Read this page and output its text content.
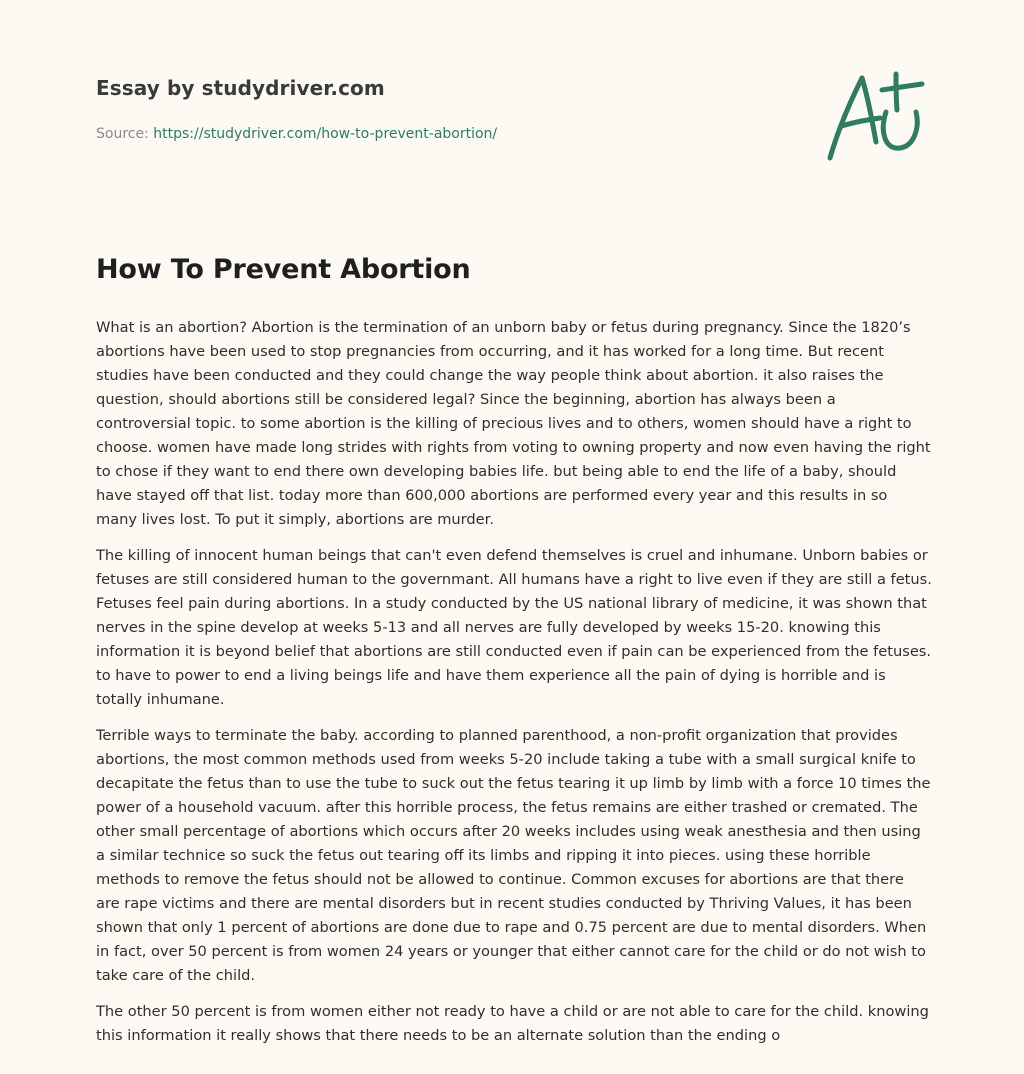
Essay by studydriver.com
Source: https://studydriver.com/how-to-prevent-abortion/
How To Prevent Abortion

What is an abortion? Abortion is the termination of an unborn baby or fetus during pregnancy. Since the 1820’s abortions have been used to stop pregnancies from occurring, and it has worked for a long time. But recent studies have been conducted and they could change the way people think about abortion. it also raises the question, should abortions still be considered legal? Since the beginning, abortion has always been a controversial topic. to some abortion is the killing of precious lives and to others, women should have a right to choose. women have made long strides with rights from voting to owning property and now even having the right to chose if they want to end there own developing babies life. but being able to end the life of a baby, should have stayed off that list. today more than 600,000 abortions are performed every year and this results in so many lives lost. To put it simply, abortions are murder.

The killing of innocent human beings that can't even defend themselves is cruel and inhumane. Unborn babies or fetuses are still considered human to the governmant. All humans have a right to live even if they are still a fetus. Fetuses feel pain during abortions. In a study conducted by the US national library of medicine, it was shown that nerves in the spine develop at weeks 5-13 and all nerves are fully developed by weeks 15-20. knowing this information it is beyond belief that abortions are still conducted even if pain can be experienced from the fetuses. to have to power to end a living beings life and have them experience all the pain of dying is horrible and is totally inhumane.

Terrible ways to terminate the baby. according to planned parenthood, a non-profit organization that provides abortions, the most common methods used from weeks 5-20 include taking a tube with a small surgical knife to decapitate the fetus than to use the tube to suck out the fetus tearing it up limb by limb with a force 10 times the power of a household vacuum. after this horrible process, the fetus remains are either trashed or cremated. The other small percentage of abortions which occurs after 20 weeks includes using weak anesthesia and then using a similar technice so suck the fetus out tearing off its limbs and ripping it into pieces. using these horrible methods to remove the fetus should not be allowed to continue. Common excuses for abortions are that there are rape victims and there are mental disorders but in recent studies conducted by Thriving Values, it has been shown that only 1 percent of abortions are done due to rape and 0.75 percent are due to mental disorders. When in fact, over 50 percent is from women 24 years or younger that either cannot care for the child or do not wish to take care of the child.

The other 50 percent is from women either not ready to have a child or are not able to care for the child. knowing this information it really shows that there needs to be an alternate solution than the ending o
